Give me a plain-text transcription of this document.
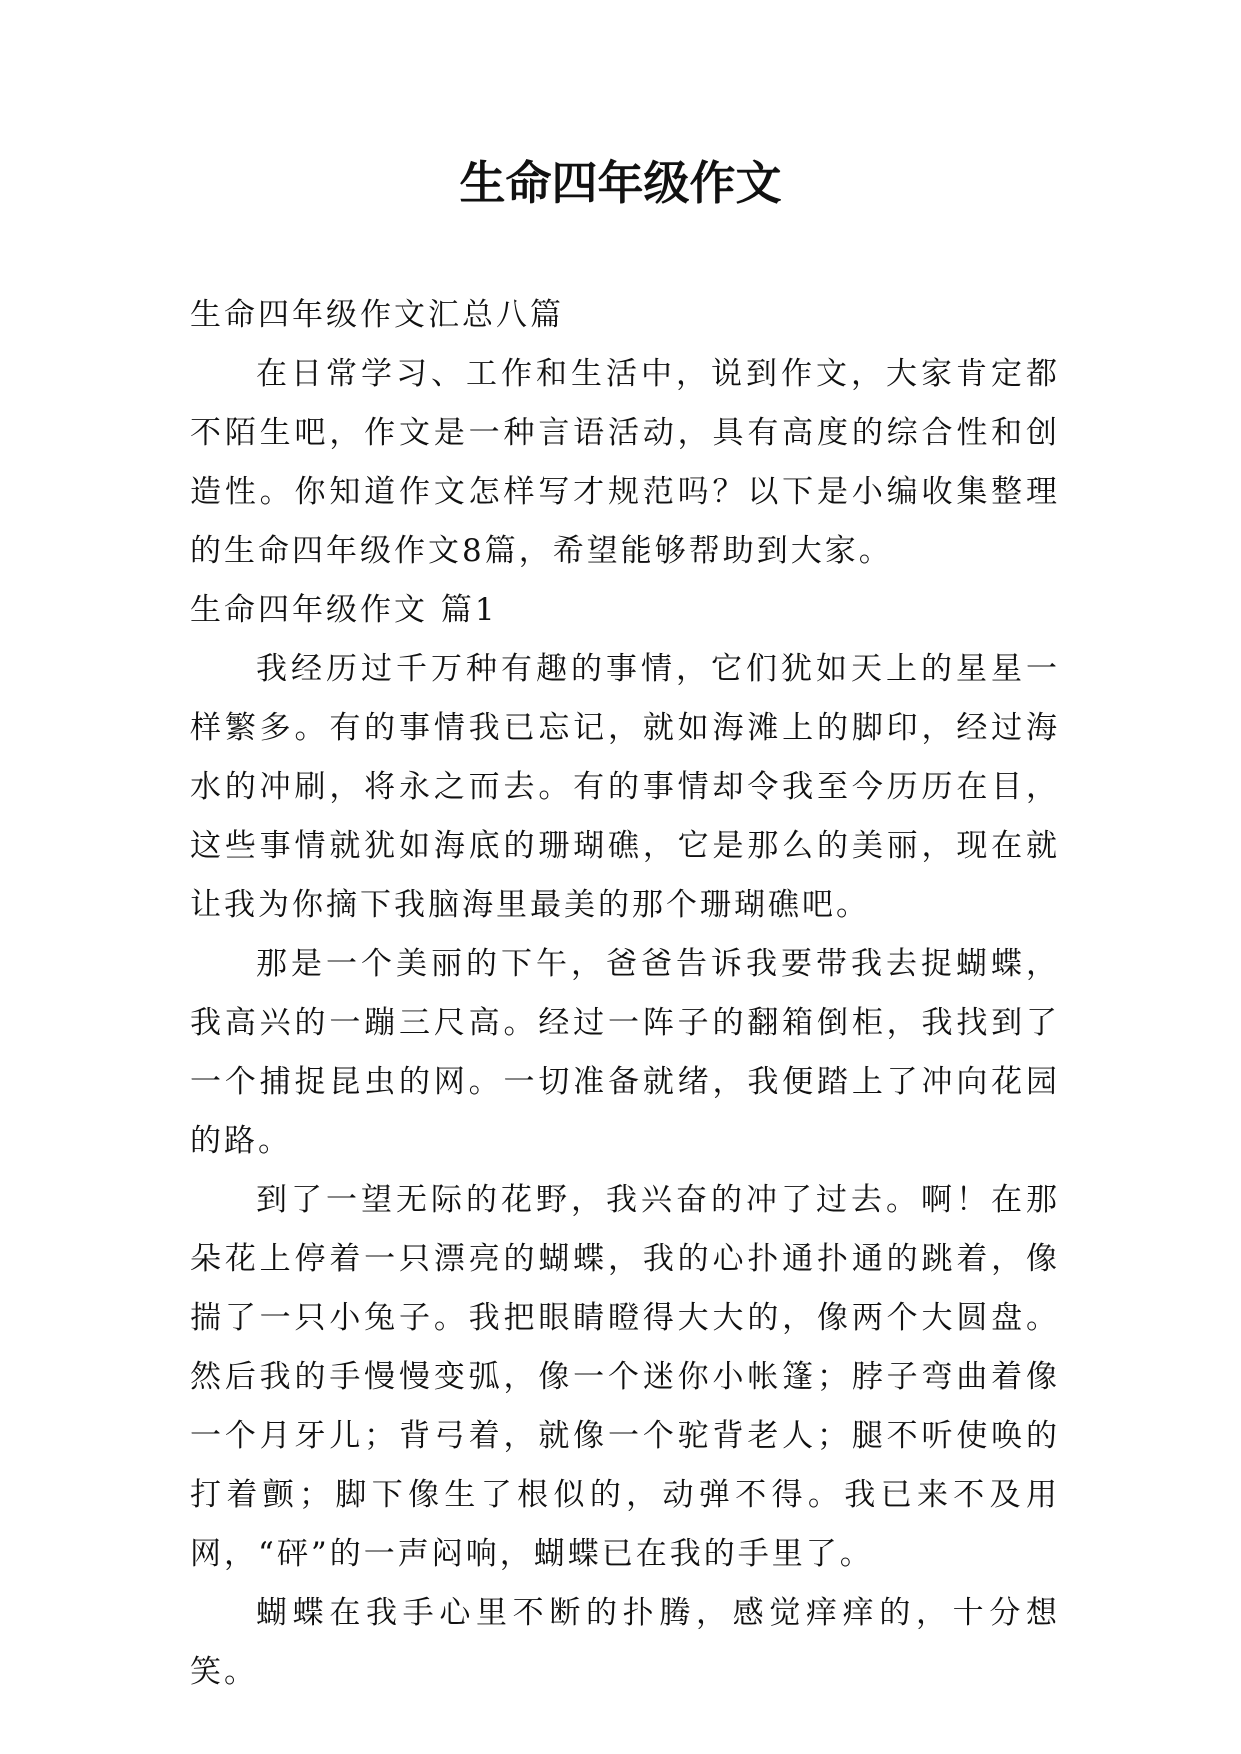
生命四年级作文

生命四年级作文汇总八篇

在日常学习、工作和生活中，说到作文，大家肯定都不陌生吧，作文是一种言语活动，具有高度的综合性和创造性。你知道作文怎样写才规范吗？以下是小编收集整理的生命四年级作文8篇，希望能够帮助到大家。

生命四年级作文 篇1

我经历过千万种有趣的事情，它们犹如天上的星星一样繁多。有的事情我已忘记，就如海滩上的脚印，经过海水的冲刷，将永之而去。有的事情却令我至今历历在目，这些事情就犹如海底的珊瑚礁，它是那么的美丽，现在就让我为你摘下我脑海里最美的那个珊瑚礁吧。

那是一个美丽的下午，爸爸告诉我要带我去捉蝴蝶，我高兴的一蹦三尺高。经过一阵子的翻箱倒柜，我找到了一个捕捉昆虫的网。一切准备就绪，我便踏上了冲向花园的路。

到了一望无际的花野，我兴奋的冲了过去。啊！在那朵花上停着一只漂亮的蝴蝶，我的心扑通扑通的跳着，像揣了一只小兔子。我把眼睛瞪得大大的，像两个大圆盘。然后我的手慢慢变弧，像一个迷你小帐篷；脖子弯曲着像一个月牙儿；背弓着，就像一个驼背老人；腿不听使唤的打着颤；脚下像生了根似的，动弹不得。我已来不及用网，“砰”的一声闷响，蝴蝶已在我的手里了。

蝴蝶在我手心里不断的扑腾，感觉痒痒的，十分想笑。
